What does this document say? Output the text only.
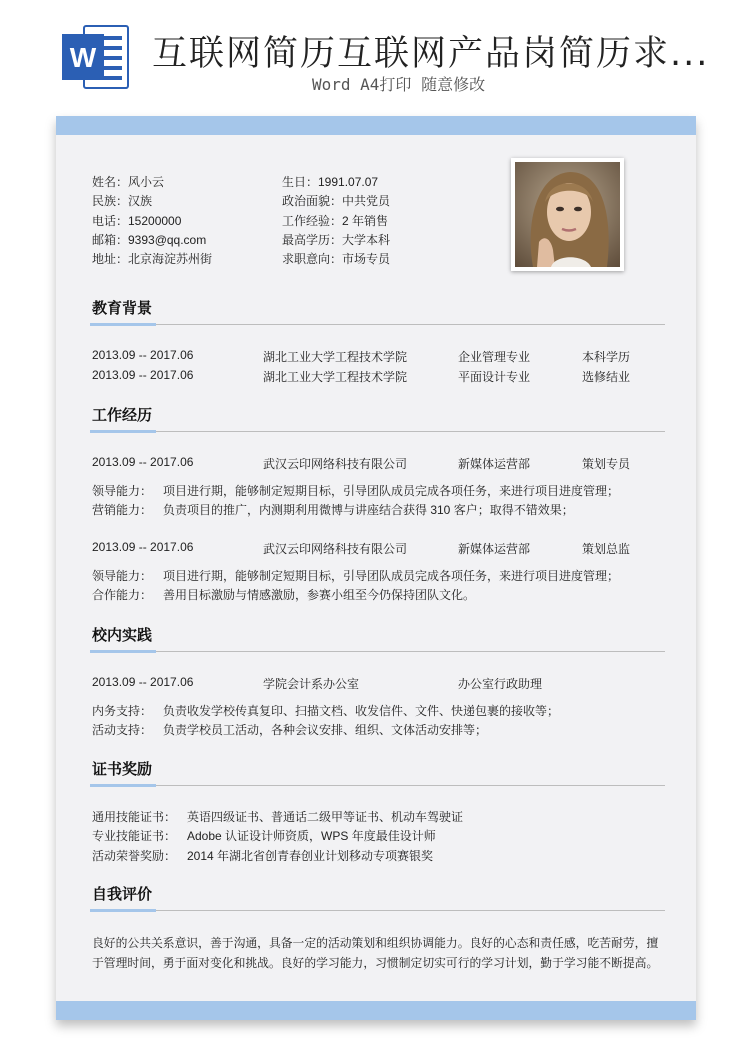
W 互联网简历互联网产品岗简历求...
Word A4打印 随意修改
姓名：风小云
民族：汉族
电话：15200000
邮箱：9393@qq.com
地址：北京海淀苏州街
生日：1991.07.07
政治面貌：中共党员
工作经验：2 年销售
最高学历：大学本科
求职意向：市场专员
教育背景
2013.09 -- 2017.06	湖北工业大学工程技术学院	企业管理专业	本科学历
2013.09 -- 2017.06	湖北工业大学工程技术学院	平面设计专业	选修结业
工作经历
2013.09 -- 2017.06	武汉云印网络科技有限公司	新媒体运营部	策划专员
领导能力： 项目进行期，能够制定短期目标，引导团队成员完成各项任务，来进行项目进度管理；
营销能力： 负责项目的推广，内测期利用微博与讲座结合获得 310 客户；取得不错效果；
2013.09 -- 2017.06	武汉云印网络科技有限公司	新媒体运营部	策划总监
领导能力： 项目进行期，能够制定短期目标，引导团队成员完成各项任务，来进行项目进度管理；
合作能力： 善用目标激励与情感激励，参赛小组至今仍保持团队文化。
校内实践
2013.09 -- 2017.06	学院会计系办公室	办公室行政助理
内务支持： 负责收发学校传真复印、扫描文档、收发信件、文件、快递包裹的接收等；
活动支持： 负责学校员工活动，各种会议安排、组织、文体活动安排等；
证书奖励
通用技能证书： 英语四级证书、普通话二级甲等证书、机动车驾驶证
专业技能证书： Adobe 认证设计师资质，WPS 年度最佳设计师
活动荣誉奖励： 2014 年湖北省创青春创业计划移动专项赛银奖
自我评价
良好的公共关系意识，善于沟通，具备一定的活动策划和组织协调能力。良好的心态和责任感，吃苦耐劳，擅
于管理时间，勇于面对变化和挑战。良好的学习能力，习惯制定切实可行的学习计划，勤于学习能不断提高。
